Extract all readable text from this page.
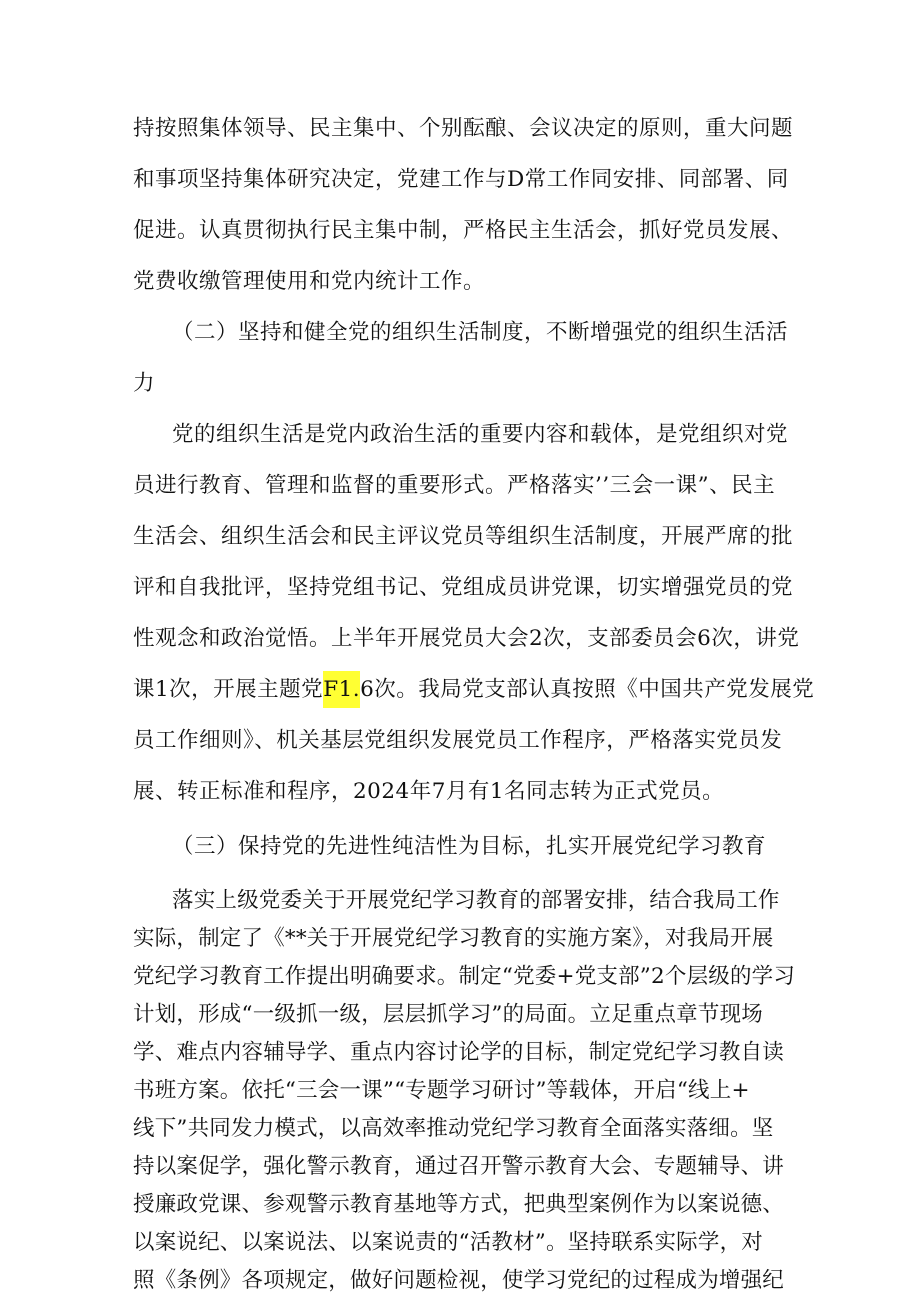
持按照集体领导、民主集中、个别酝酿、会议决定的原则，重大问题
和事项坚持集体研究决定，党建工作与D常工作同安排、同部署、同
促进。认真贯彻执行民主集中制，严格民主生活会，抓好党员发展、
党费收缴管理使用和党内统计工作。
（二）坚持和健全党的组织生活制度，不断增强党的组织生活活
力
党的组织生活是党内政治生活的重要内容和载体，是党组织对党
员进行教育、管理和监督的重要形式。严格落实’’三会一课”、民主
生活会、组织生活会和民主评议党员等组织生活制度，开展严席的批
评和自我批评，坚持党组书记、党组成员讲党课，切实增强党员的党
性观念和政治觉悟。上半年开展党员大会2次，支部委员会6次，讲党
课1次，开展主题党F1.6次。我局党支部认真按照《中国共产党发展党
员工作细则》、机关基层党组织发展党员工作程序，严格落实党员发
展、转正标准和程序，2024年7月有1名同志转为正式党员。
（三）保持党的先进性纯洁性为目标，扎实开展党纪学习教育
落实上级党委关于开展党纪学习教育的部署安排，结合我局工作
实际，制定了《**关于开展党纪学习教育的实施方案》，对我局开展
党纪学习教育工作提出明确要求。制定“党委+党支部”2个层级的学习
计划，形成“一级抓一级，层层抓学习”的局面。立足重点章节现场
学、难点内容辅导学、重点内容讨论学的目标，制定党纪学习教自读
书班方案。依托“三会一课”“专题学习研讨”等载体，开启“线上+
线下”共同发力模式，以高效率推动党纪学习教育全面落实落细。坚
持以案促学，强化警示教育，通过召开警示教育大会、专题辅导、讲
授廉政党课、参观警示教育基地等方式，把典型案例作为以案说德、
以案说纪、以案说法、以案说责的“活教材”。坚持联系实际学，对
照《条例》各项规定，做好问题检视，使学习党纪的过程成为增强纪
